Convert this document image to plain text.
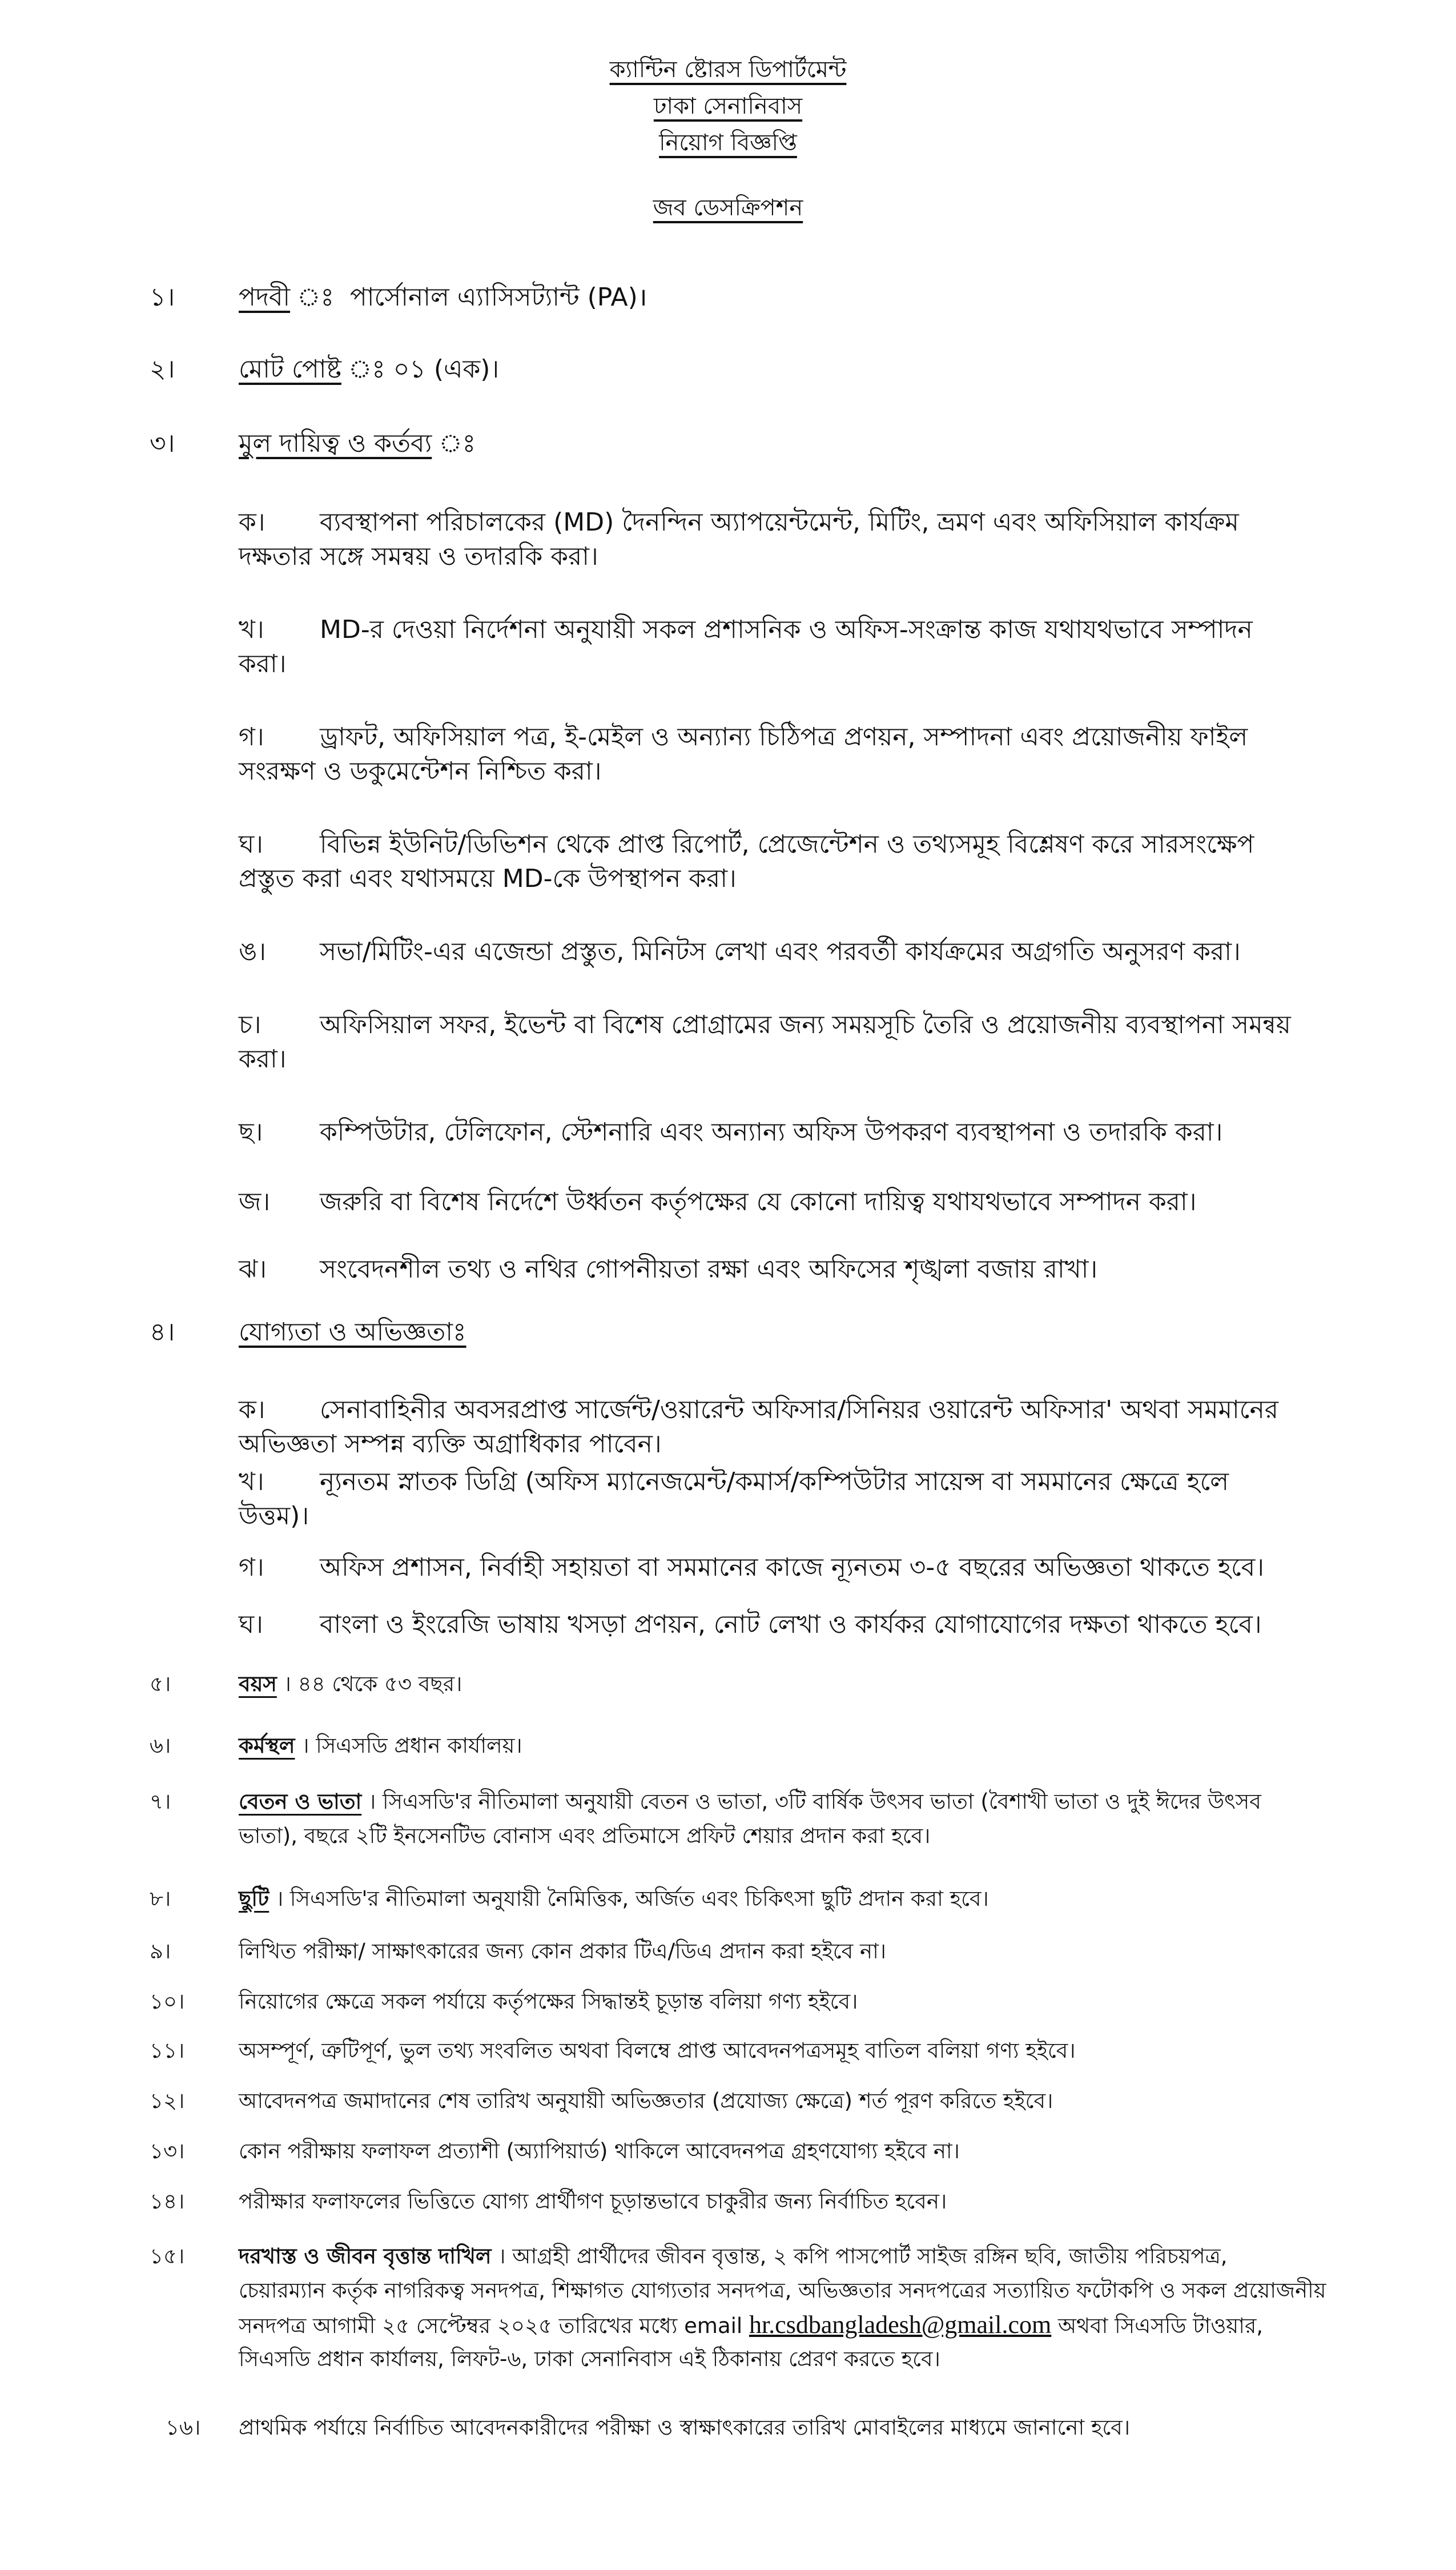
ক্যান্টিন ষ্টোরস ডিপার্টমেন্ট
ঢাকা সেনানিবাস
নিয়োগ বিজ্ঞপ্তি
জব ডেসক্রিপশন
১।	পদবী পার্সোনাল এ্যাসিসট্যান্ট (PA)।
২।	মোট পোষ্ট ০১ (এক)।
৩।	মুল দায়িত্ব ও কর্তব্য
ক। ব্যবস্থাপনা পরিচালকের (MD) দৈনন্দিন অ্যাপয়েন্টমেন্ট, মিটিং, ভ্রমণ এবং অফিসিয়াল কার্যক্রম
দক্ষতার সঙ্গে সমন্বয় ও তদারকি করা।
খ। MD-র দেওয়া নির্দেশনা অনুযায়ী সকল প্রশাসনিক ও অফিস-সংক্রান্ত কাজ যথাযথভাবে সম্পাদন
করা।
গ। ড্রাফট, অফিসিয়াল পত্র, ই-মেইল ও অন্যান্য চিঠিপত্র প্রণয়ন, সম্পাদনা এবং প্রয়োজনীয় ফাইল
সংরক্ষণ ও ডকুমেন্টেশন নিশ্চিত করা।
ঘ। বিভিন্ন ইউনিট/ডিভিশন থেকে প্রাপ্ত রিপোর্ট, প্রেজেন্টেশন ও তথ্যসমূহ বিশ্লেষণ করে সারসংক্ষেপ
প্রস্তুত করা এবং যথাসময়ে MD-কে উপস্থাপন করা।
ঙ। সভা/মিটিং-এর এজেন্ডা প্রস্তুত, মিনিটস লেখা এবং পরবর্তী কার্যক্রমের অগ্রগতি অনুসরণ করা।
চ। অফিসিয়াল সফর, ইভেন্ট বা বিশেষ প্রোগ্রামের জন্য সময়সূচি তৈরি ও প্রয়োজনীয় ব্যবস্থাপনা সমন্বয়
করা।
ছ। কম্পিউটার, টেলিফোন, স্টেশনারি এবং অন্যান্য অফিস উপকরণ ব্যবস্থাপনা ও তদারকি করা।
জ। জরুরি বা বিশেষ নির্দেশে উর্ধ্বতন কর্তৃপক্ষের যে কোনো দায়িত্ব যথাযথভাবে সম্পাদন করা।
ঝ। সংবেদনশীল তথ্য ও নথির গোপনীয়তা রক্ষা এবং অফিসের শৃঙ্খলা বজায় রাখা।
৪।	যোগ্যতা ও অভিজ্ঞতাঃ
ক। সেনাবাহিনীর অবসরপ্রাপ্ত সার্জেন্ট/ওয়ারেন্ট অফিসার/সিনিয়র ওয়ারেন্ট অফিসার' অথবা সমমানের
অভিজ্ঞতা সম্পন্ন ব্যক্তি অগ্রাধিকার পাবেন।
খ। ন্যূনতম স্নাতক ডিগ্রি (অফিস ম্যানেজমেন্ট/কমার্স/কম্পিউটার সায়েন্স বা সমমানের ক্ষেত্রে হলে
উত্তম)।
গ। অফিস প্রশাসন, নির্বাহী সহায়তা বা সমমানের কাজে ন্যূনতম ৩-৫ বছরের অভিজ্ঞতা থাকতে হবে।
ঘ। বাংলা ও ইংরেজি ভাষায় খসড়া প্রণয়ন, নোট লেখা ও কার্যকর যোগাযোগের দক্ষতা থাকতে হবে।
৫।	বয়স । ৪৪ থেকে ৫৩ বছর।
৬।	কর্মস্থল । সিএসডি প্রধান কার্যালয়।
৭।	বেতন ও ভাতা । সিএসডি'র নীতিমালা অনুযায়ী বেতন ও ভাতা, ৩টি বার্ষিক উৎসব ভাতা (বৈশাখী ভাতা ও দুই ঈদের উৎসব
ভাতা), বছরে ২টি ইনসেনটিভ বোনাস এবং প্রতিমাসে প্রফিট শেয়ার প্রদান করা হবে।
৮।	ছুটি । সিএসডি'র নীতিমালা অনুযায়ী নৈমিত্তিক, অর্জিত এবং চিকিৎসা ছুটি প্রদান করা হবে।
৯।	লিখিত পরীক্ষা/ সাক্ষাৎকারের জন্য কোন প্রকার টিএ/ডিএ প্রদান করা হইবে না।
১০।	নিয়োগের ক্ষেত্রে সকল পর্যায়ে কর্তৃপক্ষের সিদ্ধান্তই চূড়ান্ত বলিয়া গণ্য হইবে।
১১।	অসম্পূর্ণ, ত্রুটিপূর্ণ, ভুল তথ্য সংবলিত অথবা বিলম্বে প্রাপ্ত আবেদনপত্রসমূহ বাতিল বলিয়া গণ্য হইবে।
১২।	আবেদনপত্র জমাদানের শেষ তারিখ অনুযায়ী অভিজ্ঞতার (প্রযোজ্য ক্ষেত্রে) শর্ত পূরণ করিতে হইবে।
১৩।	কোন পরীক্ষায় ফলাফল প্রত্যাশী (অ্যাপিয়ার্ড) থাকিলে আবেদনপত্র গ্রহণযোগ্য হইবে না।
১৪।	পরীক্ষার ফলাফলের ভিত্তিতে যোগ্য প্রার্থীগণ চূড়ান্তভাবে চাকুরীর জন্য নির্বাচিত হবেন।
১৫।	দরখাস্ত ও জীবন বৃত্তান্ত দাখিল । আগ্রহী প্রার্থীদের জীবন বৃত্তান্ত, ২ কপি পাসপোর্ট সাইজ রঙ্গিন ছবি, জাতীয় পরিচয়পত্র,
চেয়ারম্যান কর্তৃক নাগরিকত্ব সনদপত্র, শিক্ষাগত যোগ্যতার সনদপত্র, অভিজ্ঞতার সনদপত্রের সত্যায়িত ফটোকপি ও সকল প্রয়োজনীয়
সনদপত্র আগামী ২৫ সেপ্টেম্বর ২০২৫ তারিখের মধ্যে email hr.csdbangladesh@gmail.com অথবা সিএসডি টাওয়ার,
সিএসডি প্রধান কার্যালয়, লিফট-৬, ঢাকা সেনানিবাস এই ঠিকানায় প্রেরণ করতে হবে।
১৬। প্রাথমিক পর্যায়ে নির্বাচিত আবেদনকারীদের পরীক্ষা ও স্বাক্ষাৎকারের তারিখ মোবাইলের মাধ্যমে জানানো হবে।
